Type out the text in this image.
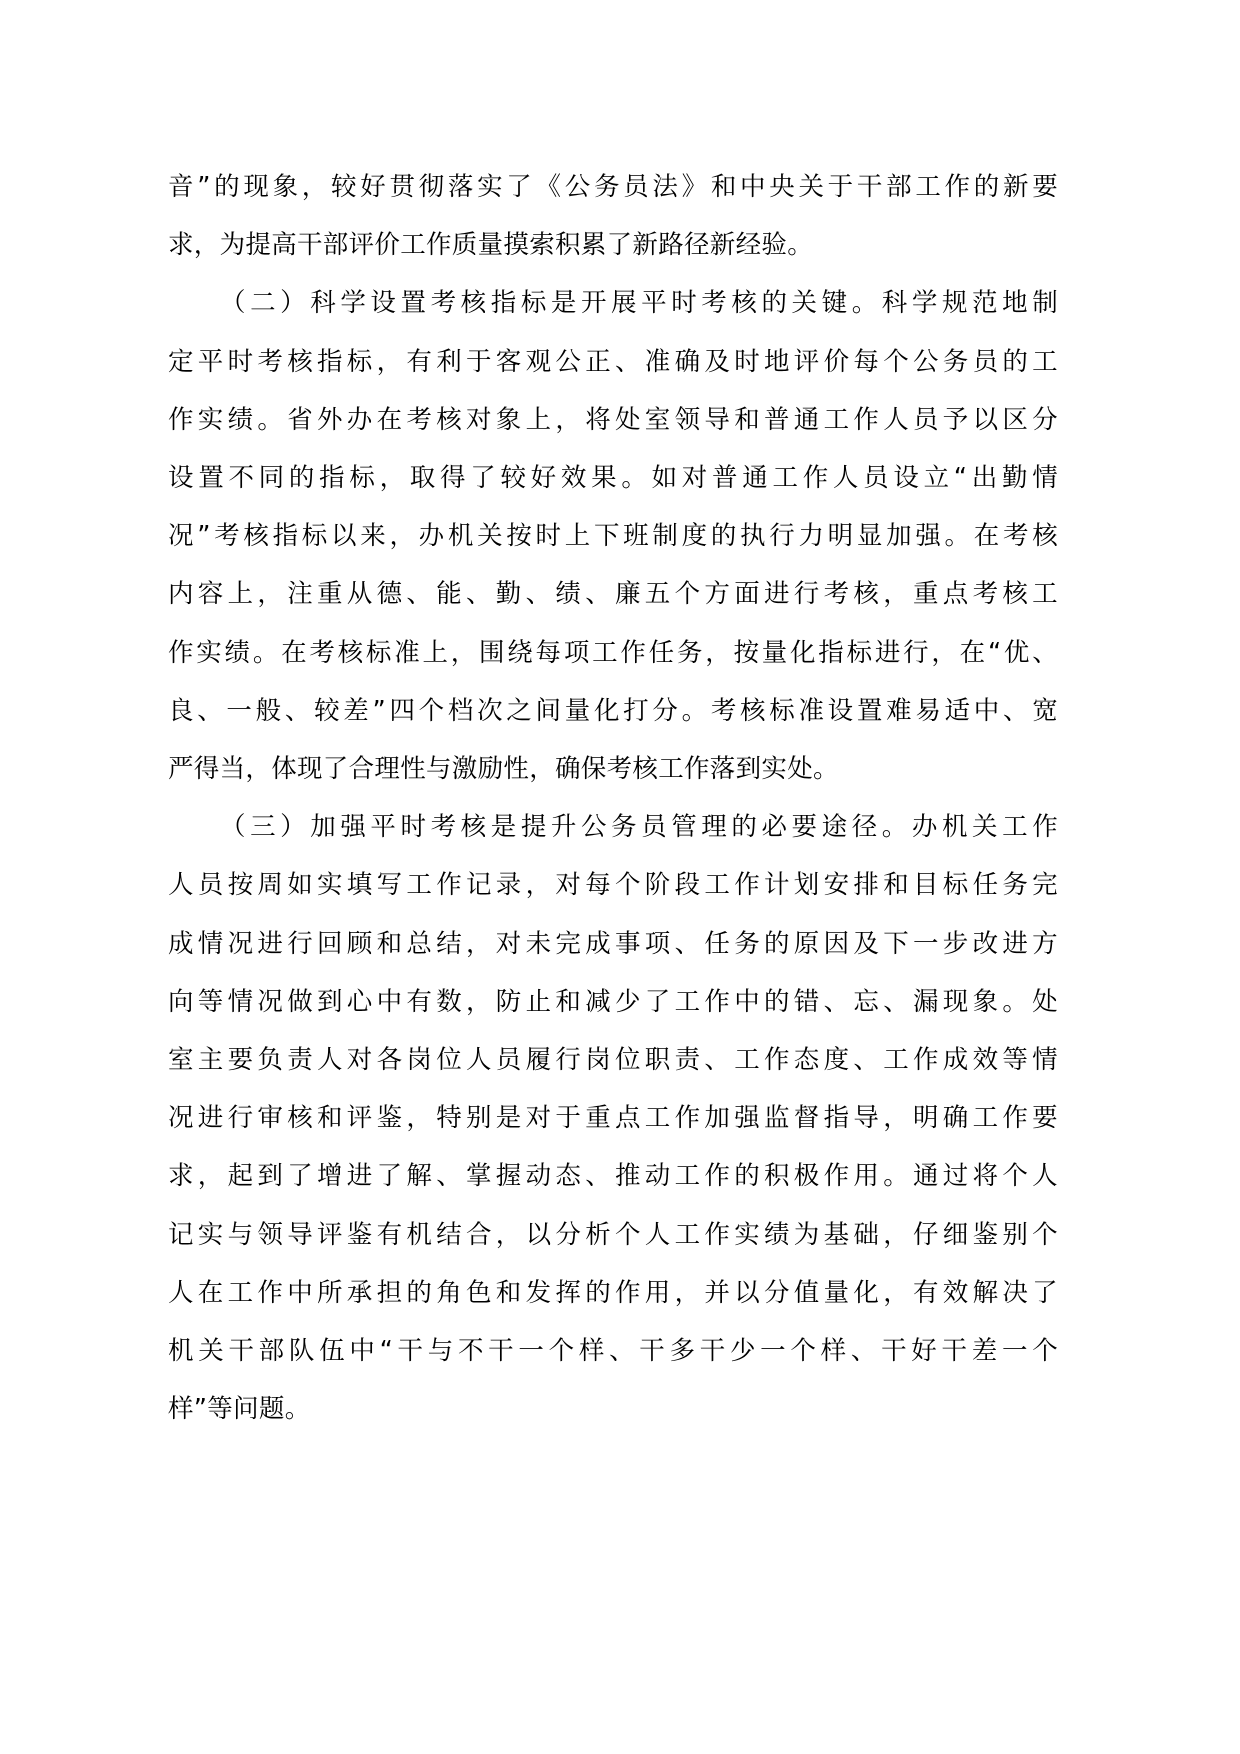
音”的现象，较好贯彻落实了《公务员法》和中央关于干部工作的新要
求，为提高干部评价工作质量摸索积累了新路径新经验。

（二）科学设置考核指标是开展平时考核的关键。科学规范地制
定平时考核指标，有利于客观公正、准确及时地评价每个公务员的工
作实绩。省外办在考核对象上，将处室领导和普通工作人员予以区分
设置不同的指标，取得了较好效果。如对普通工作人员设立“出勤情
况”考核指标以来，办机关按时上下班制度的执行力明显加强。在考核
内容上，注重从德、能、勤、绩、廉五个方面进行考核，重点考核工
作实绩。在考核标准上，围绕每项工作任务，按量化指标进行，在“优、
良、一般、较差”四个档次之间量化打分。考核标准设置难易适中、宽
严得当，体现了合理性与激励性，确保考核工作落到实处。

（三）加强平时考核是提升公务员管理的必要途径。办机关工作
人员按周如实填写工作记录，对每个阶段工作计划安排和目标任务完
成情况进行回顾和总结，对未完成事项、任务的原因及下一步改进方
向等情况做到心中有数，防止和减少了工作中的错、忘、漏现象。处
室主要负责人对各岗位人员履行岗位职责、工作态度、工作成效等情
况进行审核和评鉴，特别是对于重点工作加强监督指导，明确工作要
求，起到了增进了解、掌握动态、推动工作的积极作用。通过将个人
记实与领导评鉴有机结合，以分析个人工作实绩为基础，仔细鉴别个
人在工作中所承担的角色和发挥的作用，并以分值量化，有效解决了
机关干部队伍中“干与不干一个样、干多干少一个样、干好干差一个
样”等问题。
